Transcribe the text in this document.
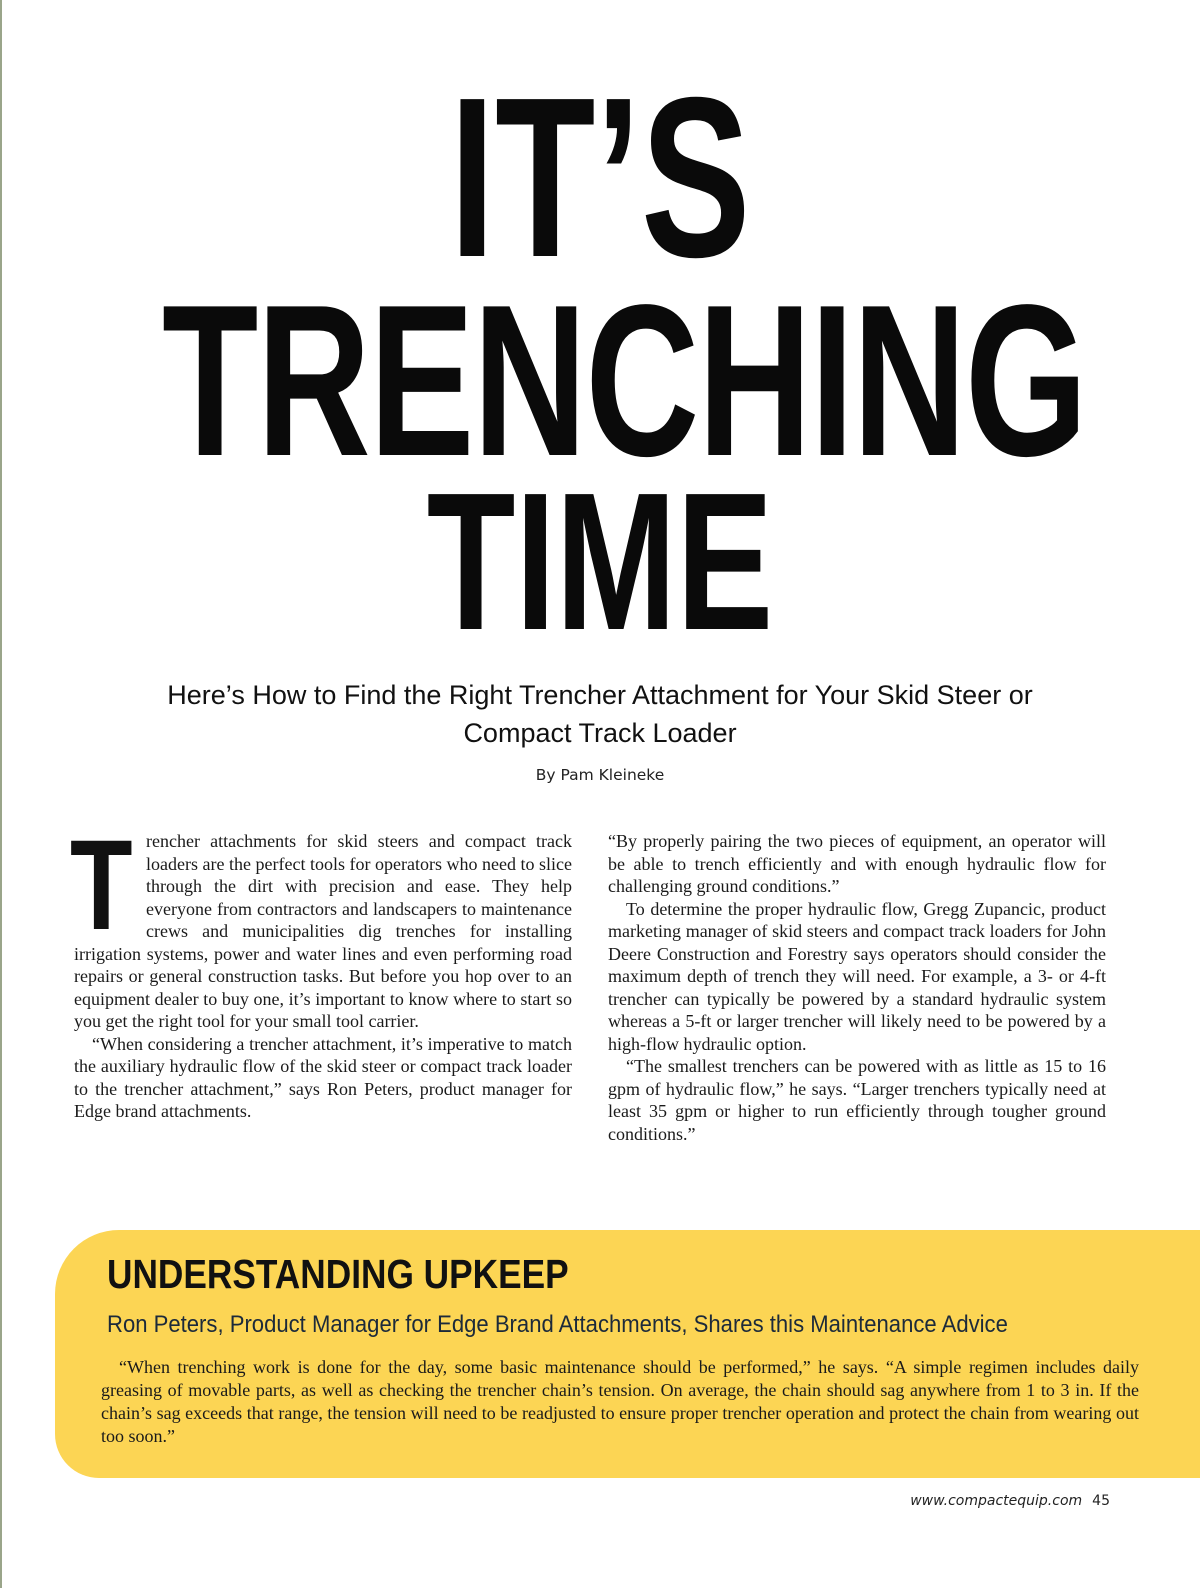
IT’S
TRENCHING
TIME
Here’s How to Find the Right Trencher Attachment for Your Skid Steer or
Compact Track Loader
By Pam Kleineke

Trencher attachments for skid steers and compact track loaders are the perfect tools for operators who need to slice through the dirt with precision and ease. They help everyone from contractors and landscapers to maintenance crews and municipalities dig trenches for installing irrigation systems, power and water lines and even performing road repairs or general construction tasks. But before you hop over to an equipment dealer to buy one, it’s important to know where to start so you get the right tool for your small tool carrier.

“When considering a trencher attachment, it’s imperative to match the auxiliary hydraulic flow of the skid steer or compact track loader to the trencher attachment,” says Ron Peters, product manager for Edge brand attachments.

“By properly pairing the two pieces of equipment, an operator will be able to trench efficiently and with enough hydraulic flow for challenging ground conditions.”

To determine the proper hydraulic flow, Gregg Zupancic, product marketing manager of skid steers and compact track loaders for John Deere Construction and Forestry says operators should consider the maximum depth of trench they will need. For example, a 3- or 4-ft trencher can typically be powered by a standard hydraulic system whereas a 5-ft or larger trencher will likely need to be powered by a high-flow hydraulic option.

“The smallest trenchers can be powered with as little as 15 to 16 gpm of hydraulic flow,” he says. “Larger trenchers typically need at least 35 gpm or higher to run efficiently through tougher ground conditions.”

UNDERSTANDING UPKEEP
Ron Peters, Product Manager for Edge Brand Attachments, Shares this Maintenance Advice
“When trenching work is done for the day, some basic maintenance should be performed,” he says. “A simple regimen includes daily greasing of movable parts, as well as checking the trencher chain’s tension. On average, the chain should sag anywhere from 1 to 3 in. If the chain’s sag exceeds that range, the tension will need to be readjusted to ensure proper trencher operation and protect the chain from wearing out too soon.”
www.compactequip.com 45
